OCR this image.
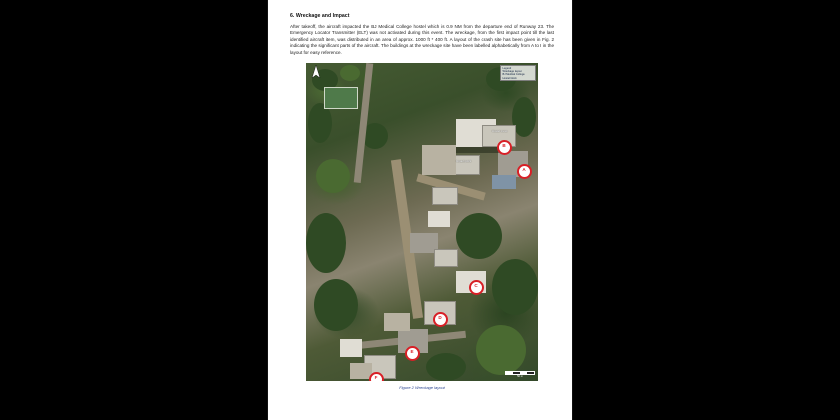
6. Wreckage and Impact

After takeoff, the aircraft impacted the BJ Medical College hostel which is 0.9 NM from the departure end of Runway 23. The Emergency Locator Transmitter (ELT) was not activated during this event. The wreckage, from the first impact point till the last identified aircraft item, was distributed in an area of approx. 1000 ft * 400 ft. A layout of the crash site has been given in Fig. 2 indicating the significant parts of the aircraft. The buildings at the wreckage site have been labelled alphabetically from A to I in the layout for easy reference.

Legend
Wreckage layout
BJ Medical College
Hostel block
50 m
Impact point
Hostel mess
B
A
C
D
E
F
Figure 2 Wreckage layout
